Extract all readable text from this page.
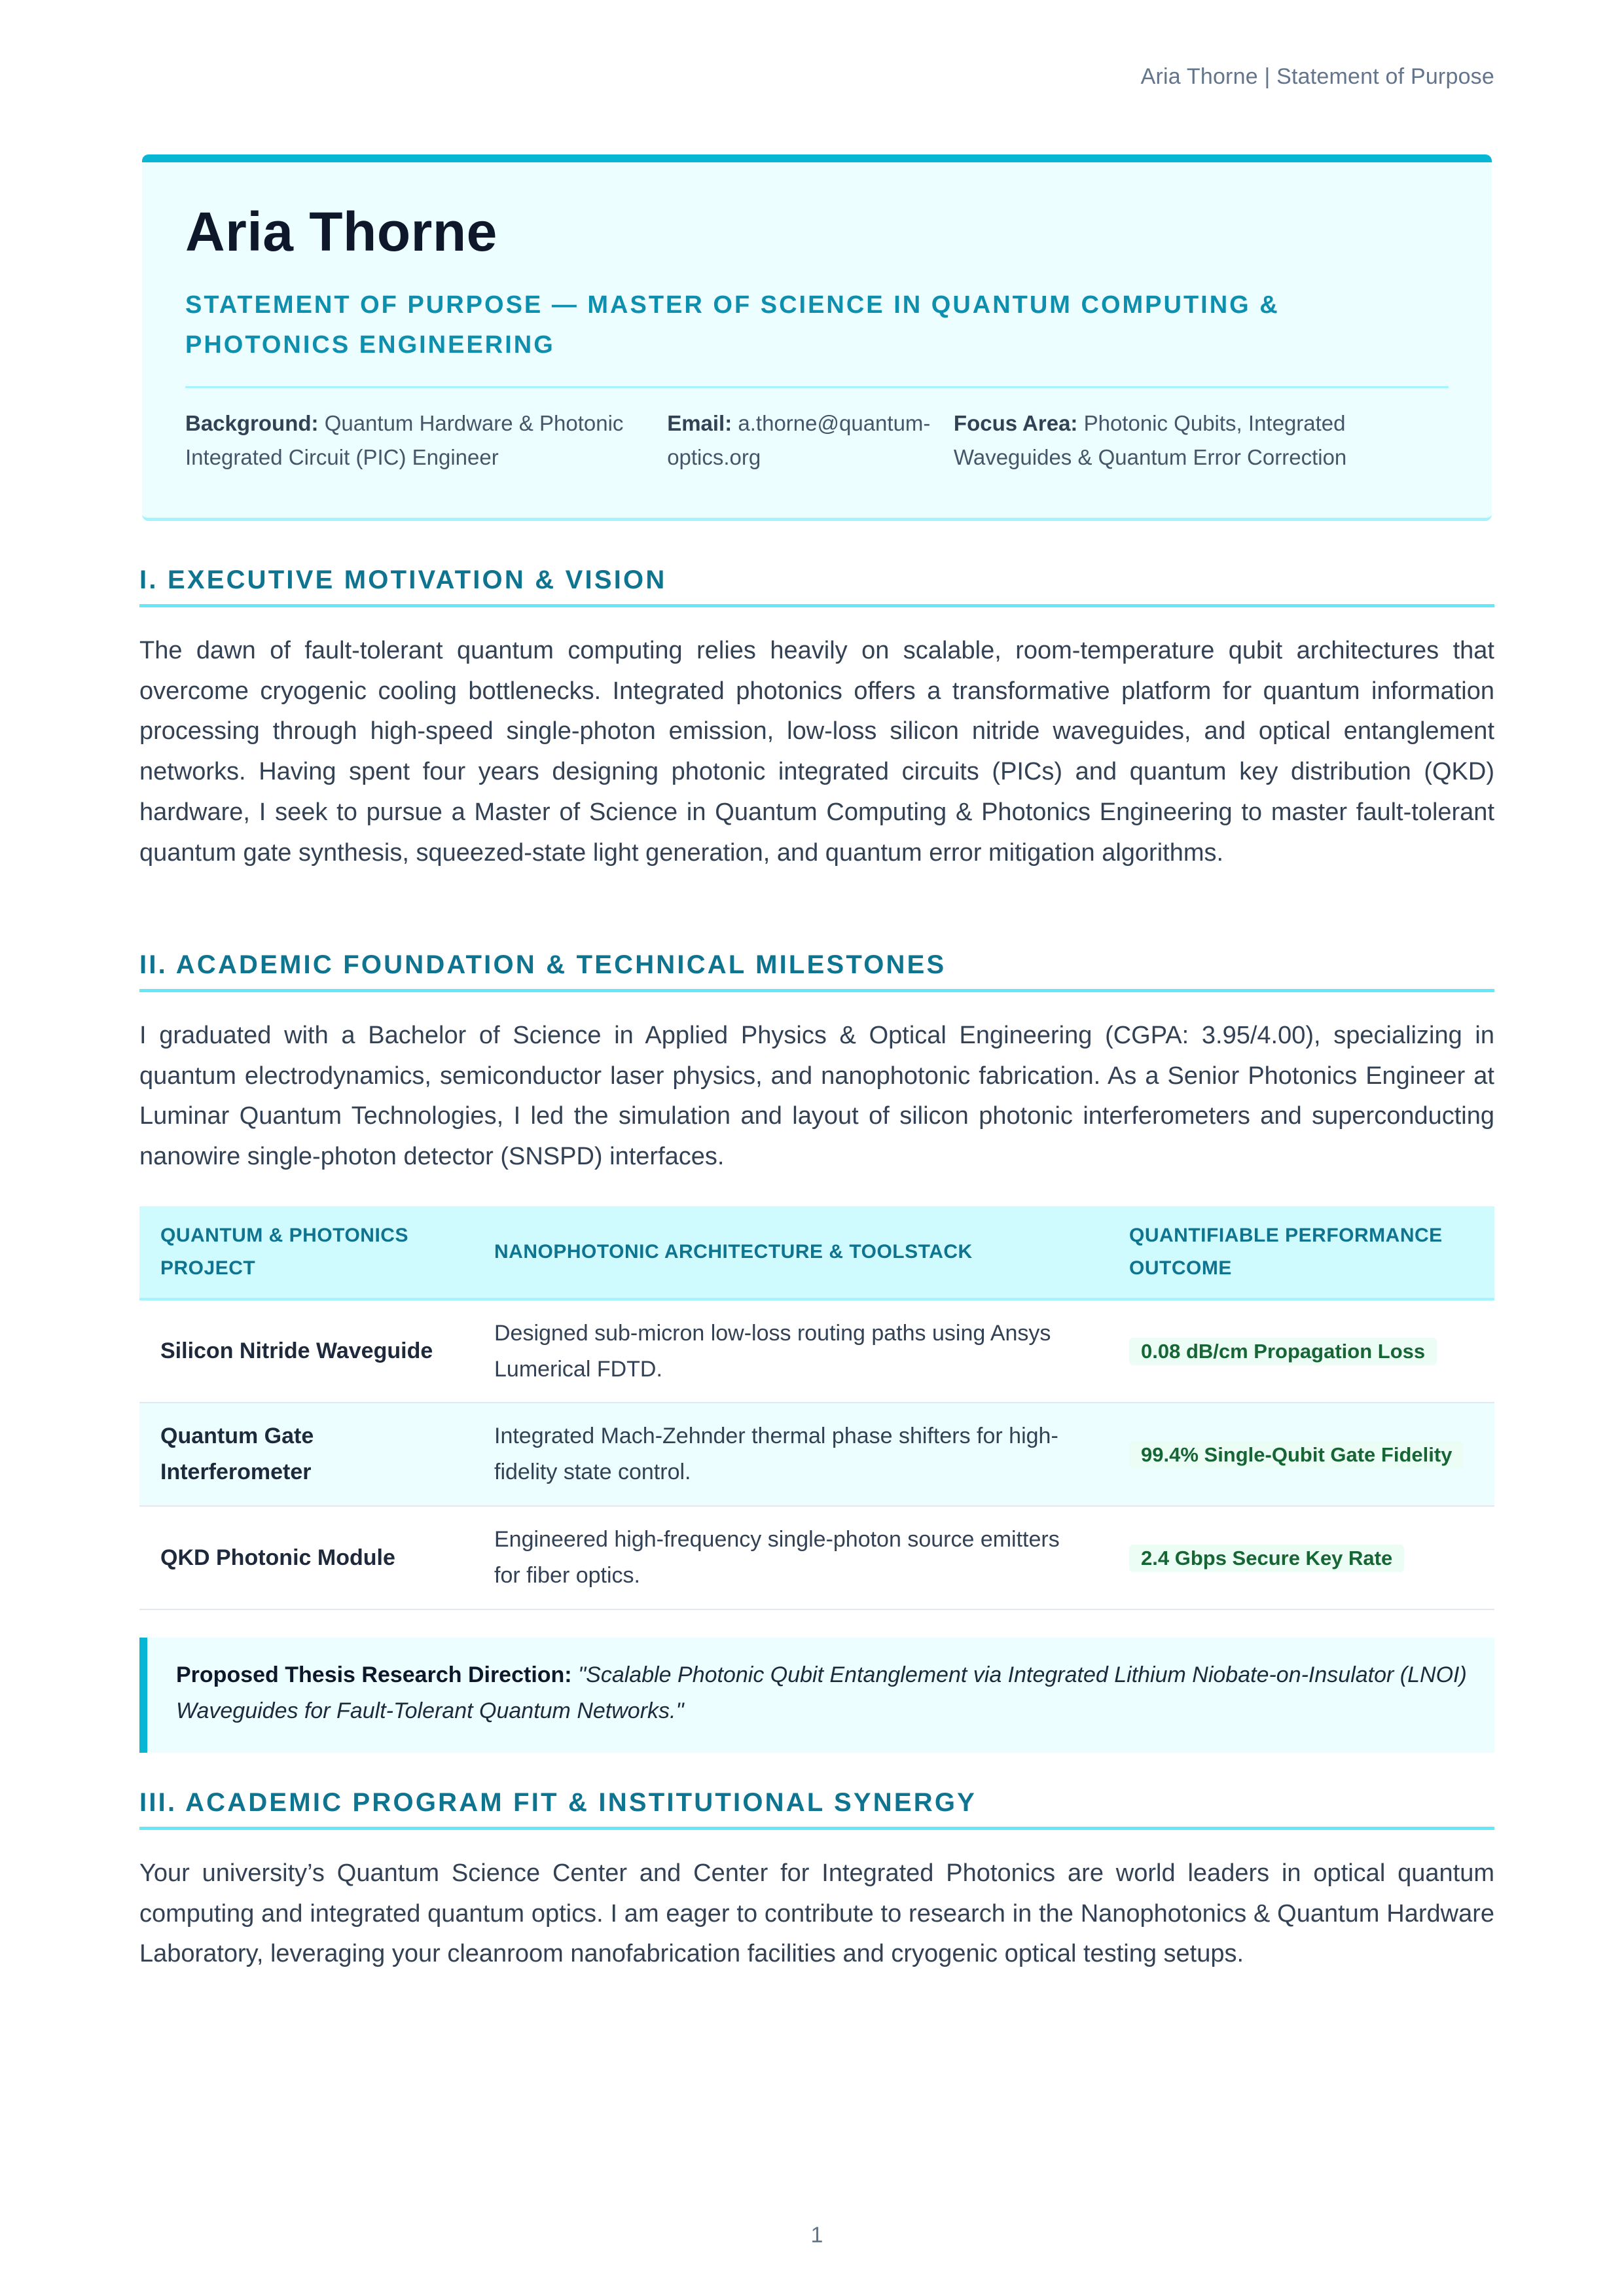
Aria Thorne | Statement of Purpose
Aria Thorne
STATEMENT OF PURPOSE — MASTER OF SCIENCE IN QUANTUM COMPUTING & PHOTONICS ENGINEERING
Background: Quantum Hardware & Photonic Integrated Circuit (PIC) Engineer
Email: a.thorne@quantum-optics.org
Focus Area: Photonic Qubits, Integrated Waveguides & Quantum Error Correction
I. EXECUTIVE MOTIVATION & VISION

The dawn of fault-tolerant quantum computing relies heavily on scalable, room-temperature qubit architectures that overcome cryogenic cooling bottlenecks. Integrated photonics offers a transformative platform for quantum information processing through high-speed single-photon emission, low-loss silicon nitride waveguides, and optical entanglement networks. Having spent four years designing photonic integrated circuits (PICs) and quantum key distribution (QKD) hardware, I seek to pursue a Master of Science in Quantum Computing & Photonics Engineering to master fault-tolerant quantum gate synthesis, squeezed-state light generation, and quantum error mitigation algorithms.

II. ACADEMIC FOUNDATION & TECHNICAL MILESTONES

I graduated with a Bachelor of Science in Applied Physics & Optical Engineering (CGPA: 3.95/4.00), specializing in quantum electrodynamics, semiconductor laser physics, and nanophotonic fabrication. As a Senior Photonics Engineer at Luminar Quantum Technologies, I led the simulation and layout of silicon photonic interferometers and superconducting nanowire single-photon detector (SNSPD) interfaces.

QUANTUM & PHOTONICS PROJECT	NANOPHOTONIC ARCHITECTURE & TOOLSTACK	QUANTIFIABLE PERFORMANCE OUTCOME
Silicon Nitride Waveguide	Designed sub-micron low-loss routing paths using Ansys Lumerical FDTD.	0.08 dB/cm Propagation Loss
Quantum Gate Interferometer	Integrated Mach-Zehnder thermal phase shifters for high-fidelity state control.	99.4% Single-Qubit Gate Fidelity
QKD Photonic Module	Engineered high-frequency single-photon source emitters for fiber optics.	2.4 Gbps Secure Key Rate
Proposed Thesis Research Direction: "Scalable Photonic Qubit Entanglement via Integrated Lithium Niobate-on-Insulator (LNOI) Waveguides for Fault-Tolerant Quantum Networks."
III. ACADEMIC PROGRAM FIT & INSTITUTIONAL SYNERGY

Your university’s Quantum Science Center and Center for Integrated Photonics are world leaders in optical quantum computing and integrated quantum optics. I am eager to contribute to research in the Nanophotonics & Quantum Hardware Laboratory, leveraging your cleanroom nanofabrication facilities and cryogenic optical testing setups.

1
